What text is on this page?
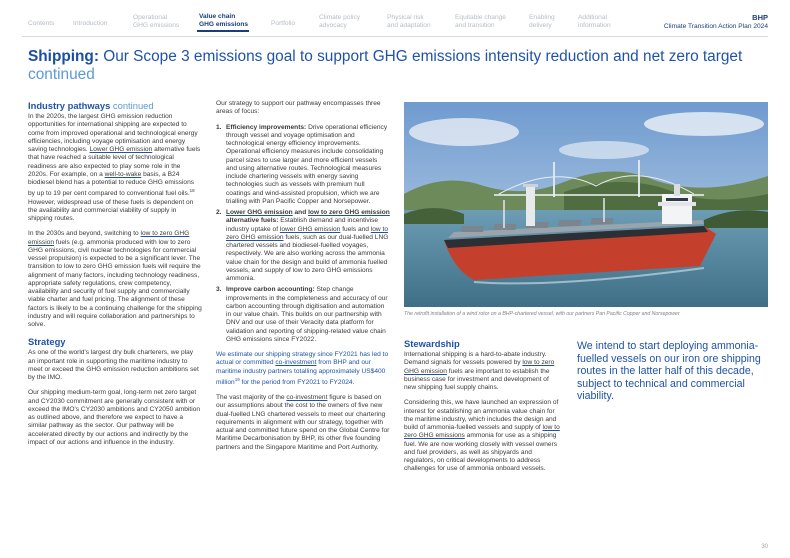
Contents	Introduction
Operational
GHG emissions
Value chain
GHG emissions	Portfolio
Climate policy
advocacy
Physical risk
and adaptation
Equitable change
and transition
Enabling
delivery
Additional
information
BHP
Climate Transition Action Plan 2024
Shipping: Our Scope 3 emissions goal to support GHG emissions intensity reduction and net zero target
continued
Industry pathways continued

In the 2020s, the largest GHG emission reduction opportunities for international shipping are expected to come from improved operational and technological energy efficiencies, including voyage optimisation and energy saving technologies. Lower GHG emission alternative fuels that have reached a suitable level of technological readiness are also expected to play some role in the 2020s. For example, on a well-to-wake basis, a B24 biodiesel blend has a potential to reduce GHG emissions by up to 19 per cent compared to conventional fuel oils.$^{18}$ However, widespread use of these fuels is dependent on the availability and commercial viability of supply in shipping routes.

In the 2030s and beyond, switching to low to zero GHG emission fuels (e.g. ammonia produced with low to zero GHG emissions, civil nuclear technologies for commercial vessel propulsion) is expected to be a significant lever. The transition to low to zero GHG emission fuels will require the alignment of many factors, including technology readiness, appropriate safety regulations, crew competency, availability and security of fuel supply and commercially viable charter and fuel pricing. The alignment of these factors is likely to be a continuing challenge for the shipping industry and will require collaboration and partnerships to solve.

Strategy

As one of the world's largest dry bulk charterers, we play an important role in supporting the maritime industry to meet or exceed the GHG emission reduction ambitions set by the IMO.

Our shipping medium-term goal, long-term net zero target and CY2030 commitment are generally consistent with or exceed the IMO's CY2030 ambitions and CY2050 ambition as outlined above, and therefore we expect to have a similar pathway as the sector. Our pathway will be accelerated directly by our actions and indirectly by the impact of our actions and influence in the industry.

Our strategy to support our pathway encompasses three areas of focus:

1. Efficiency improvements: Drive operational efficiency through vessel and voyage optimisation and technological energy efficiency improvements. Operational efficiency measures include consolidating parcel sizes to use larger and more efficient vessels and using alternative routes. Technological measures include chartering vessels with energy saving technologies such as vessels with premium hull coatings and wind-assisted propulsion, which we are trialling with Pan Pacific Copper and Norsepower.
2. Lower GHG emission and low to zero GHG emission alternative fuels: Establish demand and incentivise industry uptake of lower GHG emission fuels and low to zero GHG emission fuels, such as our dual-fuelled LNG chartered vessels and biodiesel-fuelled voyages, respectively. We are also working across the ammonia value chain for the design and build of ammonia fuelled vessels, and supply of low to zero GHG emissions ammonia.
3. Improve carbon accounting: Step change improvements in the completeness and accuracy of our carbon accounting through digitisation and automation in our value chain. This builds on our partnership with DNV and our use of their Veracity data platform for validation and reporting of shipping-related value chain GHG emissions since FY2022.

We estimate our shipping strategy since FY2021 has led to actual or committed co-investment from BHP and our maritime industry partners totalling approximately US$400 million$^{19}$ for the period from FY2021 to FY2024.

The vast majority of the co-investment figure is based on our assumptions about the cost to the owners of five new dual-fuelled LNG chartered vessels to meet our chartering requirements in alignment with our strategy, together with actual and committed future spend on the Global Centre for Maritime Decarbonisation by BHP, its other five founding partners and the Singapore Maritime and Port Authority.

The retrofit installation of a wind rotor on a BHP-chartered vessel, with our partners Pan Pacific Copper and Norsepower
Stewardship

International shipping is a hard-to-abate industry. Demand signals for vessels powered by low to zero GHG emission fuels are important to establish the business case for investment and development of new shipping fuel supply chains.

Considering this, we have launched an expression of interest for establishing an ammonia value chain for the maritime industry, which includes the design and build of ammonia-fuelled vessels and supply of low to zero GHG emissions ammonia for use as a shipping fuel. We are now working closely with vessel owners and fuel providers, as well as shipyards and regulators, on critical developments to address challenges for use of ammonia onboard vessels.

We intend to start deploying ammonia-fuelled vessels on our iron ore shipping routes in the latter half of this decade, subject to technical and commercial viability.
30
